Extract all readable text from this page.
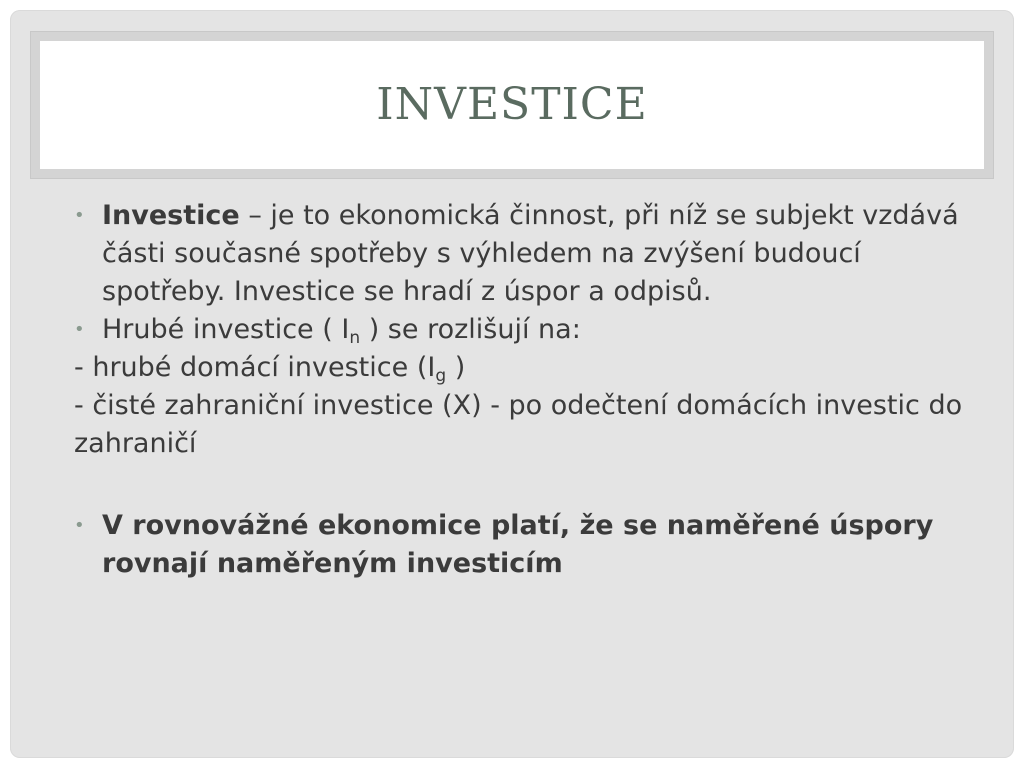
INVESTICE

• Investice – je to ekonomická činnost, při níž se subjekt vzdává části současné spotřeby s výhledem na zvýšení budoucí spotřeby. Investice se hradí z úspor a odpisů.

• Hrubé investice ( $I_n$ ) se rozlišují na:

- hrubé domácí investice ($I_g$ )

- čisté zahraniční investice (X) - po odečtení domácích investic do zahraničí

• V rovnovážné ekonomice platí, že se naměřené úspory rovnají naměřeným investicím
